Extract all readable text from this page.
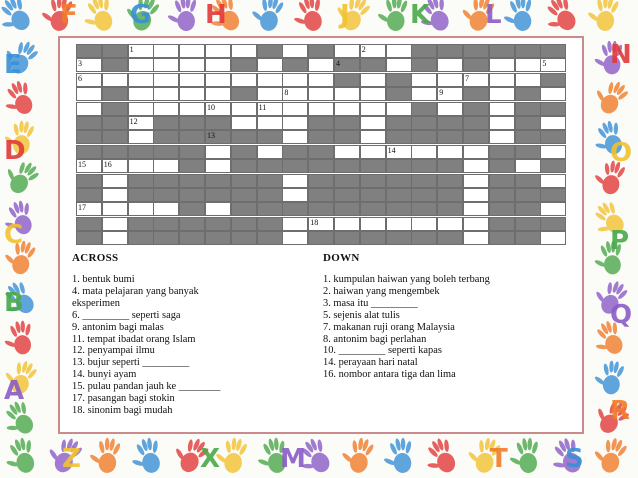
F G H	J K L
Z	X M	T S
E
D
C
B
A
N
O
P
Q
R
1	2
3	4	5
6	7
8	9
10	11
12
13
14
15 16
17
18
ACROSS	DOWN
1. bentuk bumi
4. mata pelajaran yang banyak
eksperimen
6. _________ seperti saga
9. antonim bagi malas
11. tempat ibadat orang Islam
12. penyampai ilmu
13. bujur seperti _________
14. bunyi ayam
15. pulau pandan jauh ke ________
17. pasangan bagi stokin
18. sinonim bagi mudah
1. kumpulan haiwan yang boleh terbang
2. haiwan yang mengembek
3. masa itu _________
5. sejenis alat tulis
7. makanan ruji orang Malaysia
8. antonim bagi perlahan
10. _________ seperti kapas
14. perayaan hari natal
16. nombor antara tiga dan lima
